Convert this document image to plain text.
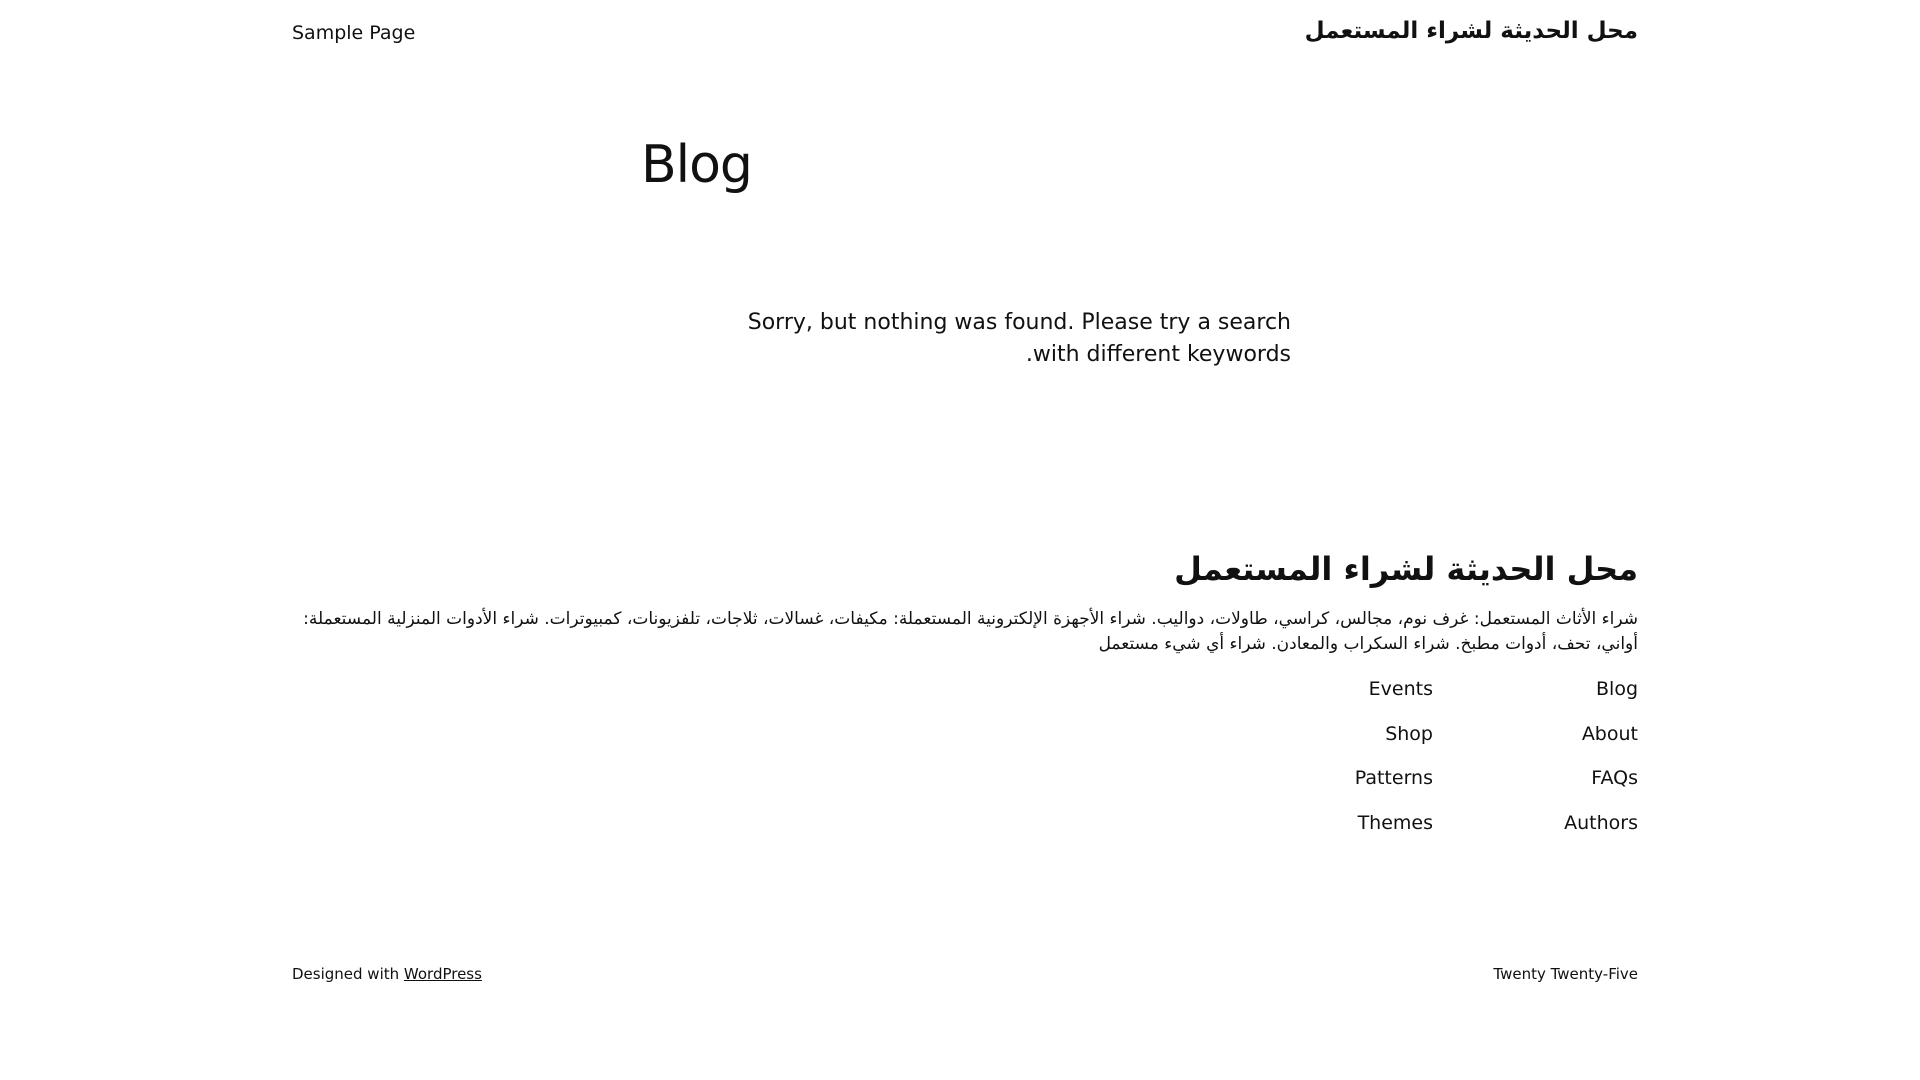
محل الحديثة لشراء المستعمل
Sample Page
Blog

Sorry, but nothing was found. Please try a search with different keywords.

محل الحديثة لشراء المستعمل

شراء الأثاث المستعمل: غرف نوم، مجالس، كراسي، طاولات، دواليب. شراء الأجهزة الإلكترونية المستعملة: مكيفات، غسالات، ثلاجات، تلفزيونات، كمبيوترات. شراء الأدوات المنزلية المستعملة: أواني، تحف، أدوات مطبخ. شراء السكراب والمعادن. شراء أي شيء مستعمل

Blog
About
FAQs
Authors
Events
Shop
Patterns
Themes
Designed with WordPress	Twenty Twenty-Five
